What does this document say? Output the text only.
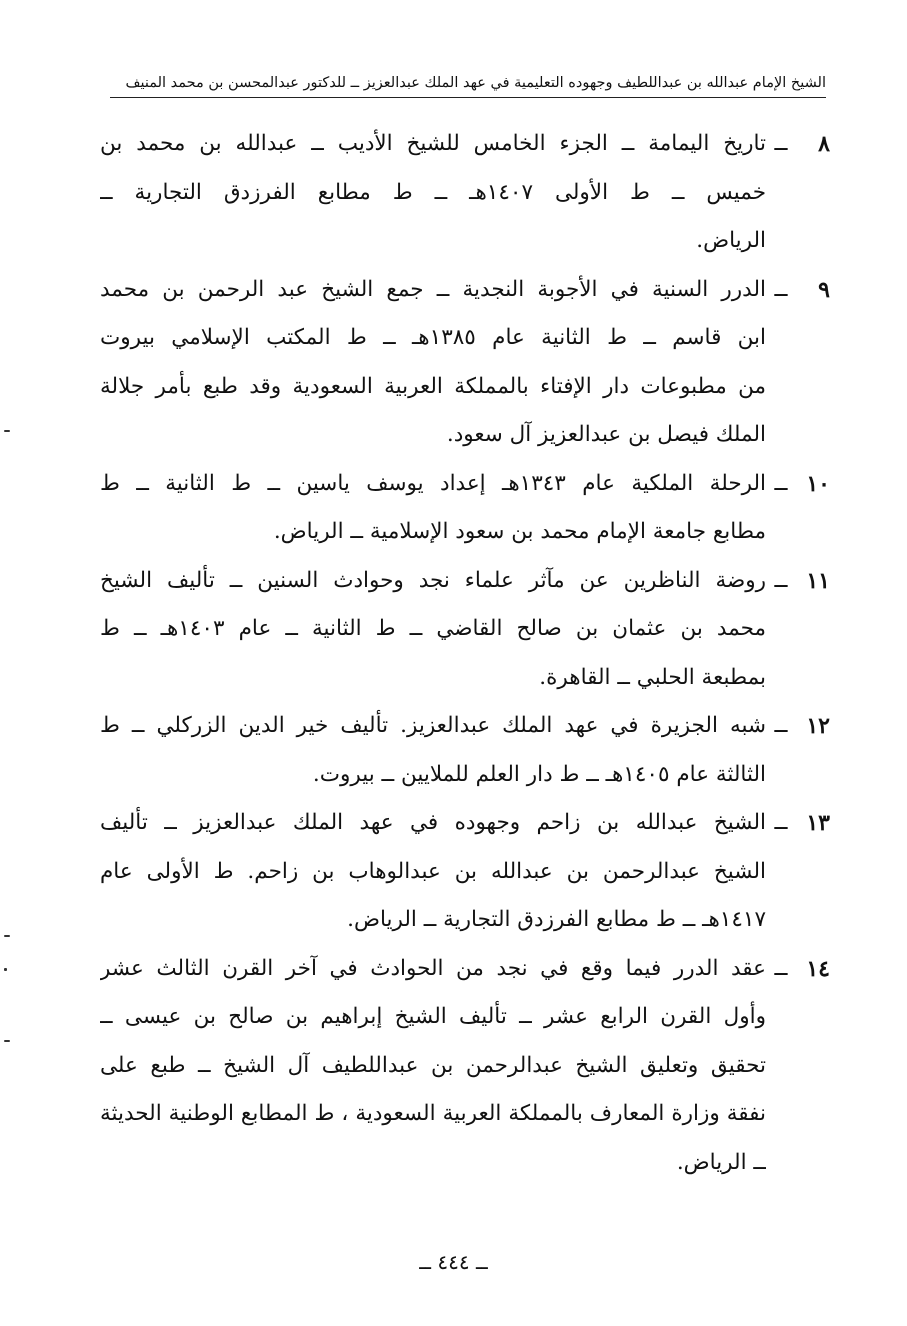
الشيخ الإمام عبدالله بن عبداللطيف وجهوده التعليمية في عهد الملك عبدالعزيز ــ للدكتور عبدالمحسن بن محمد المنيف
٨
ــ
تاريخ اليمامة ــ الجزء الخامس للشيخ الأديب ــ عبدالله بن محمد بن
خميس ــ ط الأولى ١٤٠٧هـ ــ ط مطابع الفرزدق التجارية ــ
الرياض.
٩
ــ
الدرر السنية في الأجوبة النجدية ــ جمع الشيخ عبد الرحمن بن محمد
ابن قاسم ــ ط الثانية عام ١٣٨٥هـ ــ ط المكتب الإسلامي بيروت
من مطبوعات دار الإفتاء بالمملكة العربية السعودية وقد طبع بأمر جلالة
الملك فيصل بن عبدالعزيز آل سعود.
١٠
ــ
الرحلة الملكية عام ١٣٤٣هـ إعداد يوسف ياسين ــ ط الثانية ــ ط
مطابع جامعة الإمام محمد بن سعود الإسلامية ــ الرياض.
١١
ــ
روضة الناظرين عن مآثر علماء نجد وحوادث السنين ــ تأليف الشيخ
محمد بن عثمان بن صالح القاضي ــ ط الثانية ــ عام ١٤٠٣هـ ــ ط
بمطبعة الحلبي ــ القاهرة.
١٢
ــ
شبه الجزيرة في عهد الملك عبدالعزيز. تأليف خير الدين الزركلي ــ ط
الثالثة عام ١٤٠٥هـ ــ ط دار العلم للملايين ــ بيروت.
١٣
ــ
الشيخ عبدالله بن زاحم وجهوده في عهد الملك عبدالعزيز ــ تأليف
الشيخ عبدالرحمن بن عبدالله بن عبدالوهاب بن زاحم. ط الأولى عام
١٤١٧هـ ــ ط مطابع الفرزدق التجارية ــ الرياض.
١٤
ــ
عقد الدرر فيما وقع في نجد من الحوادث في آخر القرن الثالث عشر
وأول القرن الرابع عشر ــ تأليف الشيخ إبراهيم بن صالح بن عيسى ــ
تحقيق وتعليق الشيخ عبدالرحمن بن عبداللطيف آل الشيخ ــ طبع على
نفقة وزارة المعارف بالمملكة العربية السعودية ، ط المطابع الوطنية الحديثة
ــ الرياض.
ــ ٤٤٤ ــ
